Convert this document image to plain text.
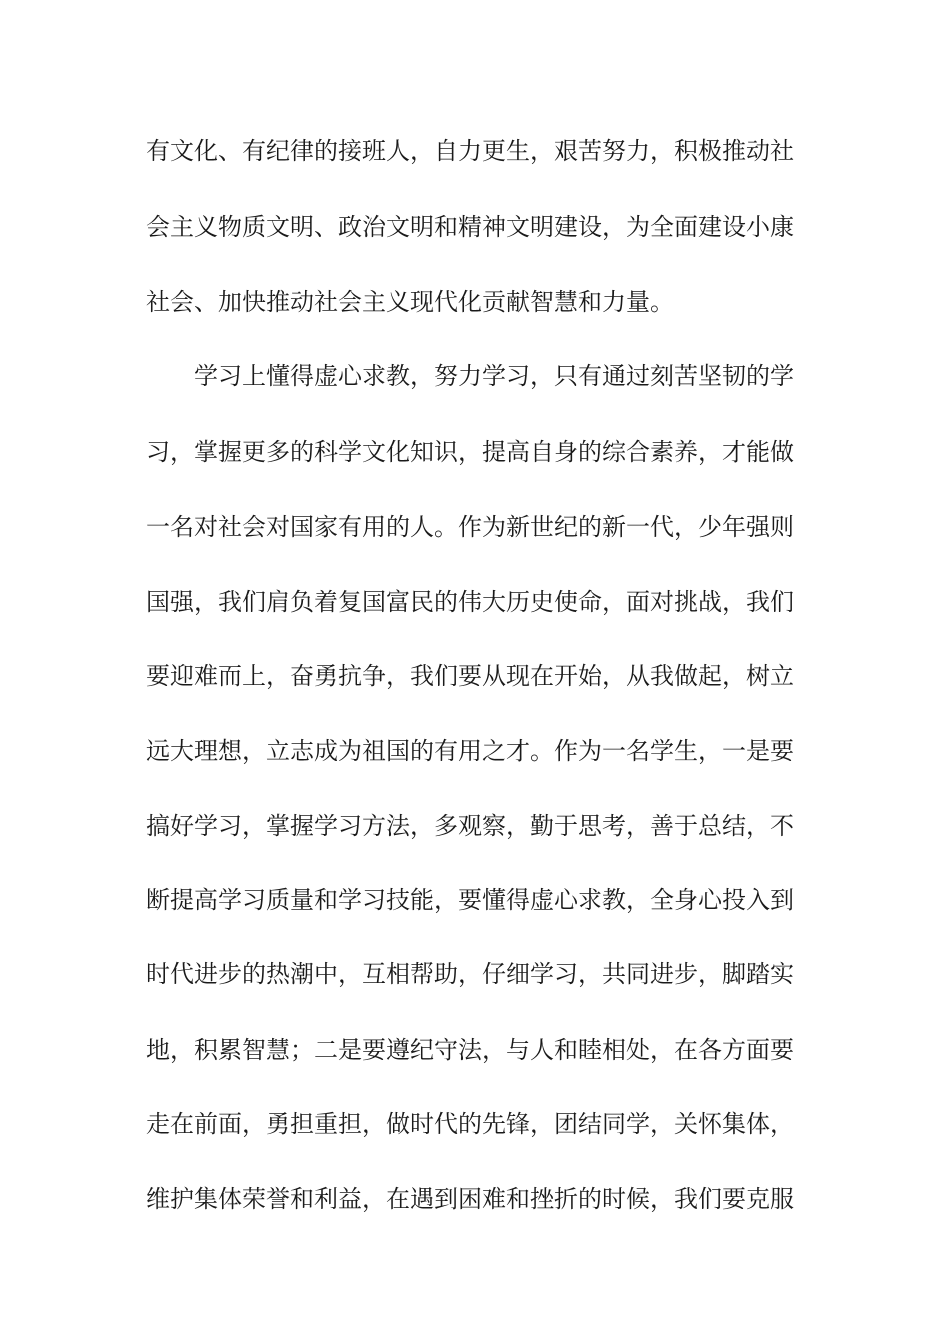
有文化、有纪律的接班人，自力更生，艰苦努力，积极推动社
会主义物质文明、政治文明和精神文明建设，为全面建设小康
社会、加快推动社会主义现代化贡献智慧和力量。
学习上懂得虚心求教，努力学习，只有通过刻苦坚韧的学
习，掌握更多的科学文化知识，提高自身的综合素养，才能做
一名对社会对国家有用的人。作为新世纪的新一代，少年强则
国强，我们肩负着复国富民的伟大历史使命，面对挑战，我们
要迎难而上，奋勇抗争，我们要从现在开始，从我做起，树立
远大理想，立志成为祖国的有用之才。作为一名学生，一是要
搞好学习，掌握学习方法，多观察，勤于思考，善于总结，不
断提高学习质量和学习技能，要懂得虚心求教，全身心投入到
时代进步的热潮中，互相帮助，仔细学习，共同进步，脚踏实
地，积累智慧；二是要遵纪守法，与人和睦相处，在各方面要
走在前面，勇担重担，做时代的先锋，团结同学，关怀集体，
维护集体荣誉和利益，在遇到困难和挫折的时候，我们要克服
